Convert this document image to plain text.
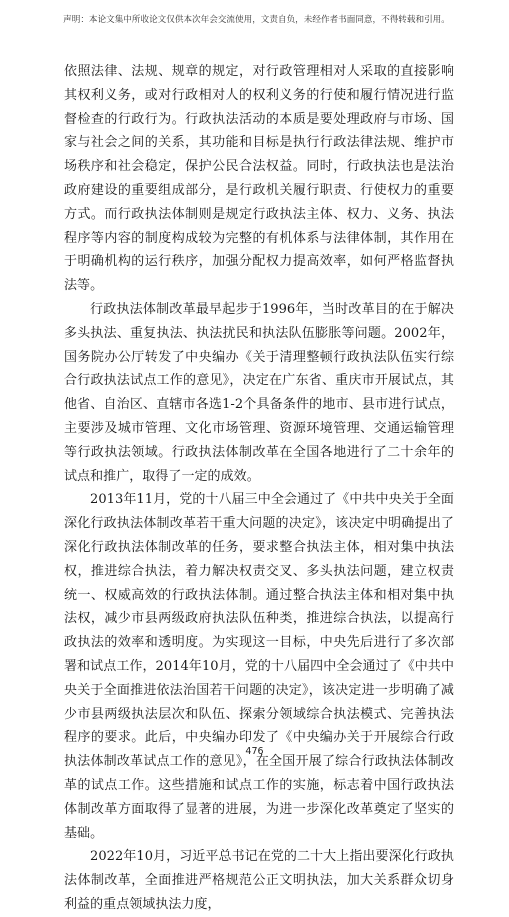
声明：本论文集中所收论文仅供本次年会交流使用，文责自负，未经作者书面同意，不得转载和引用。

依照法律、法规、规章的规定，对行政管理相对人采取的直接影响其权利义务，或对行政相对人的权利义务的行使和履行情况进行监督检查的行政行为。行政执法活动的本质是要处理政府与市场、国家与社会之间的关系，其功能和目标是执行行政法律法规、维护市场秩序和社会稳定，保护公民合法权益。同时，行政执法也是法治政府建设的重要组成部分，是行政机关履行职责、行使权力的重要方式。而行政执法体制则是规定行政执法主体、权力、义务、执法程序等内容的制度构成较为完整的有机体系与法律体制，其作用在于明确机构的运行秩序，加强分配权力提高效率，如何严格监督执法等。

行政执法体制改革最早起步于1996年，当时改革目的在于解决多头执法、重复执法、执法扰民和执法队伍膨胀等问题。2002年，国务院办公厅转发了中央编办《关于清理整顿行政执法队伍实行综合行政执法试点工作的意见》，决定在广东省、重庆市开展试点，其他省、自治区、直辖市各选1-2个具备条件的地市、县市进行试点，主要涉及城市管理、文化市场管理、资源环境管理、交通运输管理等行政执法领域。行政执法体制改革在全国各地进行了二十余年的试点和推广，取得了一定的成效。

2013年11月，党的十八届三中全会通过了《中共中央关于全面深化行政执法体制改革若干重大问题的决定》，该决定中明确提出了深化行政执法体制改革的任务，要求整合执法主体，相对集中执法权，推进综合执法，着力解决权责交叉、多头执法问题，建立权责统一、权威高效的行政执法体制。通过整合执法主体和相对集中执法权，减少市县两级政府执法队伍种类，推进综合执法，以提高行政执法的效率和透明度。为实现这一目标，中央先后进行了多次部署和试点工作，2014年10月，党的十八届四中全会通过了《中共中央关于全面推进依法治国若干问题的决定》，该决定进一步明确了减少市县两级执法层次和队伍、探索分领域综合执法模式、完善执法程序的要求。此后，中央编办印发了《中央编办关于开展综合行政执法体制改革试点工作的意见》，在全国开展了综合行政执法体制改革的试点工作。这些措施和试点工作的实施，标志着中国行政执法体制改革方面取得了显著的进展，为进一步深化改革奠定了坚实的基础。

2022年10月，习近平总书记在党的二十大上指出要深化行政执法体制改革，全面推进严格规范公正文明执法，加大关系群众切身利益的重点领域执法力度，

476
